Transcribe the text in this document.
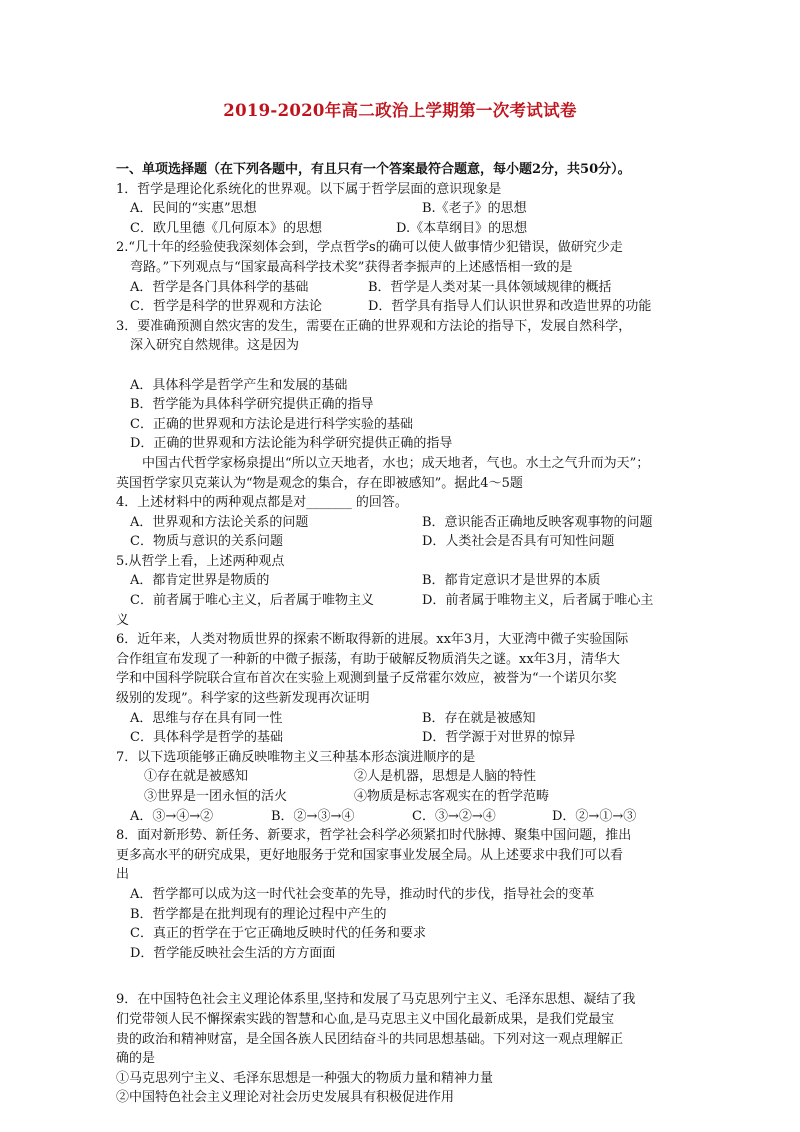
2019-2020年高二政治上学期第一次考试试卷
一、单项选择题（在下列各题中，有且只有一个答案最符合题意，每小题2分，共50分）。
1．哲学是理论化系统化的世界观。以下属于哲学层面的意识现象是
A．民间的“实惠”思想	B.《老子》的思想
C．欧几里德《几何原本》的思想	D.《本草纲目》的思想
2.“几十年的经验使我深刻体会到，学点哲学s的确可以使人做事情少犯错误，做研究少走
弯路。”下列观点与“国家最高科学技术奖”获得者李振声的上述感悟相一致的是
A．哲学是各门具体科学的基础	B．哲学是人类对某一具体领域规律的概括
C．哲学是科学的世界观和方法论	D．哲学具有指导人们认识世界和改造世界的功能
3．要准确预测自然灾害的发生，需要在正确的世界观和方法论的指导下，发展自然科学，
深入研究自然规律。这是因为
A．具体科学是哲学产生和发展的基础
B．哲学能为具体科学研究提供正确的指导
C．正确的世界观和方法论是进行科学实验的基础
D．正确的世界观和方法论能为科学研究提供正确的指导
中国古代哲学家杨泉提出“所以立天地者，水也；成天地者，气也。水土之气升而为天”；
英国哲学家贝克莱认为“物是观念的集合，存在即被感知”。据此4～5题
4．上述材料中的两种观点都是对_______ 的回答。
A．世界观和方法论关系的问题	B．意识能否正确地反映客观事物的问题
C．物质与意识的关系问题	D．人类社会是否具有可知性问题
5.从哲学上看，上述两种观点
A．都肯定世界是物质的	B．都肯定意识才是世界的本质
C．前者属于唯心主义，后者属于唯物主义	D．前者属于唯物主义，后者属于唯心主
义
6．近年来，人类对物质世界的探索不断取得新的进展。xx年3月，大亚湾中微子实验国际
合作组宣布发现了一种新的中微子振荡，有助于破解反物质消失之谜。xx年3月，清华大
学和中国科学院联合宣布首次在实验上观测到量子反常霍尔效应，被誉为“一个诺贝尔奖
级别的发现”。科学家的这些新发现再次证明
A．思维与存在具有同一性	B．存在就是被感知
C．具体科学是哲学的基础	D．哲学源于对世界的惊异
7．以下选项能够正确反映唯物主义三种基本形态演进顺序的是
①存在就是被感知	②人是机器，思想是人脑的特性
③世界是一团永恒的活火	④物质是标志客观实在的哲学范畴
A．③→④→②	B．②→③→④	C．③→②→④	D．②→①→③
8．面对新形势、新任务、新要求，哲学社会科学必须紧扣时代脉搏、聚集中国问题，推出
更多高水平的研究成果，更好地服务于党和国家事业发展全局。从上述要求中我们可以看
出
A．哲学都可以成为这一时代社会变革的先导，推动时代的步伐，指导社会的变革
B．哲学都是在批判现有的理论过程中产生的
C．真正的哲学在于它正确地反映时代的任务和要求
D．哲学能反映社会生活的方方面面
9．在中国特色社会主义理论体系里,坚持和发展了马克思列宁主义、毛泽东思想、凝结了我
们党带领人民不懈探索实践的智慧和心血,是马克思主义中国化最新成果，是我们党最宝
贵的政治和精神财富，是全国各族人民团结奋斗的共同思想基础。下列对这一观点理解正
确的是
①马克思列宁主义、毛泽东思想是一种强大的物质力量和精神力量
②中国特色社会主义理论对社会历史发展具有积极促进作用
